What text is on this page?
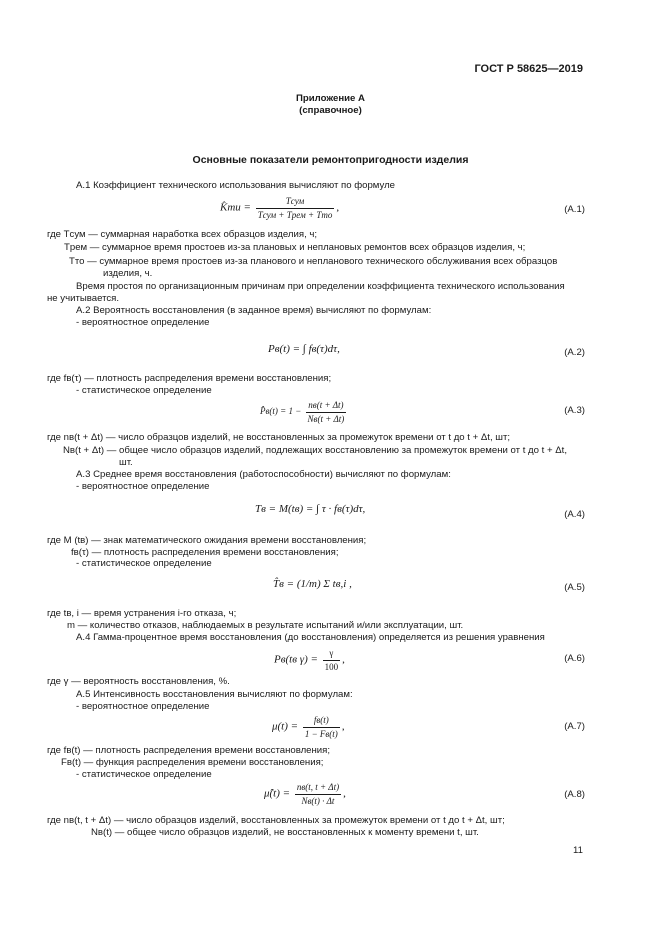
ГОСТ Р 58625—2019
Приложение А
(справочное)
Основные показатели ремонтопригодности изделия
А.1 Коэффициент технического использования вычисляют по формуле
K̂ти = $\frac{\text{Tсум}}{\text{Tсум + Tрем + Tто}}$ ,	(А.1)
где Tсум — суммарная наработка всех образцов изделия, ч;
Tрем — суммарное время простоев из-за плановых и неплановых ремонтов всех образцов изделия, ч;
Tто — суммарное время простоев из-за планового и непланового технического обслуживания всех образцов
изделия, ч.
Время простоя по организационным причинам при определении коэффициента технического использования
не учитывается.
А.2 Вероятность восстановления (в заданное время) вычисляют по формулам:
- вероятностное определение
Pв(t) = ∫ fв(τ)dτ,	(А.2)
где fв(τ) — плотность распределения времени восстановления;
- статистическое определение
P̂в(t) = $1 - \frac{nв(t + \Delta t)}{Nв(t + \Delta t)}$	(А.3)
где nв(t + Δt) — число образцов изделий, не восстановленных за промежуток времени от t до t + Δt, шт;
Nв(t + Δt) — общее число образцов изделий, подлежащих восстановлению за промежуток времени от t до t + Δt,
шт.
А.3 Среднее время восстановления (работоспособности) вычисляют по формулам:
- вероятностное определение
Tв = M(tв) = ∫ τ · fв(τ)dτ,	(А.4)
где M (tв) — знак математического ожидания времени восстановления;
fв(τ) — плотность распределения времени восстановления;
- статистическое определение
T̂в = (1/m) Σ tв,i ,	(А.5)
где tв, i — время устранения i-го отказа, ч;
m — количество отказов, наблюдаемых в результате испытаний и/или эксплуатации, шт.
А.4 Гамма-процентное время восстановления (до восстановления) определяется из решения уравнения
Pв(tв $\gamma) = \frac{\gamma}{100}$ ,	(А.6)
где γ — вероятность восстановления, %.
А.5 Интенсивность восстановления вычисляют по формулам:
- вероятностное определение
$\mu(t) = \frac{fв(t)}{1 - Fв(t)}$ ,	(А.7)
где fв(t) — плотность распределения времени восстановления;
Fв(t) — функция распределения времени восстановления;
- статистическое определение
μ̂(t) = $\frac{nв(t, t + \Delta t)}{Nв(t) \cdot \Delta t}$ ,	(А.8)
где nв(t, t + Δt) — число образцов изделий, восстановленных за промежуток времени от t до t + Δt, шт;
Nв(t) — общее число образцов изделий, не восстановленных к моменту времени t, шт.
11
